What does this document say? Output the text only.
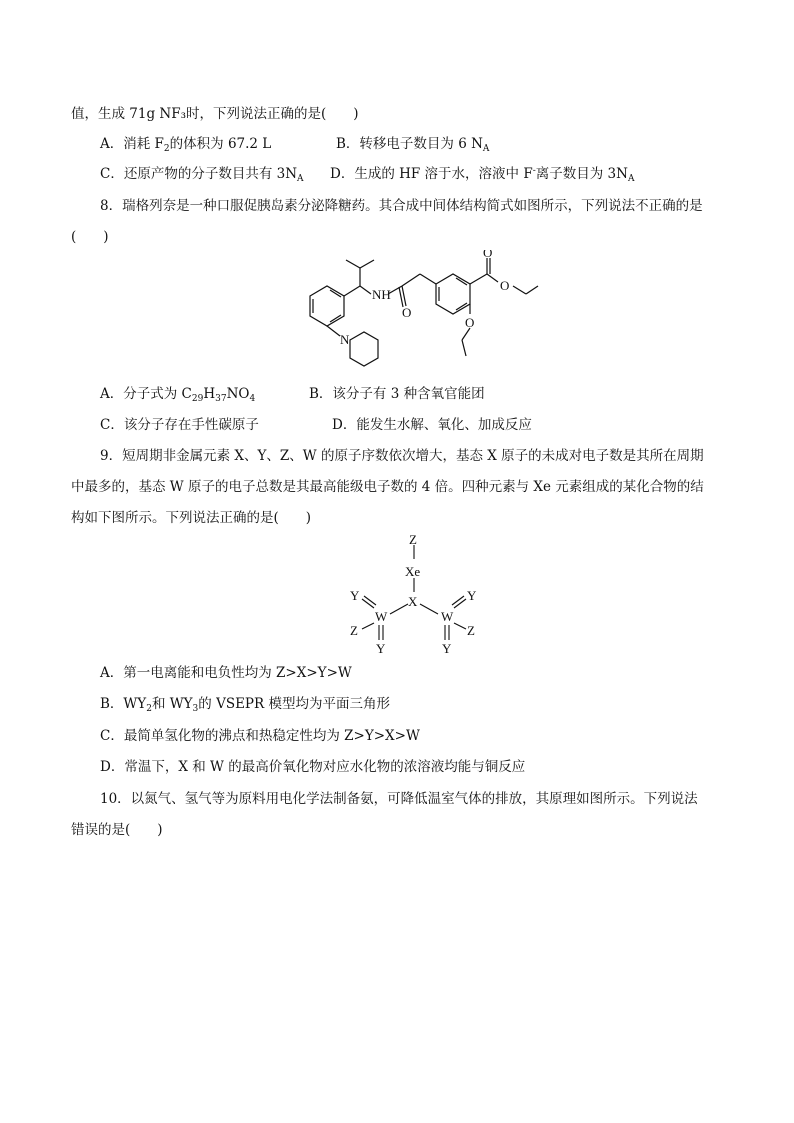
值，生成 71g NF₃时，下列说法正确的是(　　)
A．消耗 $F_2$的体积为 67.2 L	B．转移电子数目为 6 $N_A$
C．还原产物的分子数目共有 $3N_A$ D．生成的 HF 溶于水，溶液中 F-离子数目为 $3N_A$
8．瑞格列奈是一种口服促胰岛素分泌降糖药。其合成中间体结构简式如图所示，下列说法不正确的是
(　　)
NH
O
O
O
O
N
A．分子式为 $C_{29}H_{37}NO_4$	B．该分子有 3 种含氧官能团
C．该分子存在手性碳原子	D．能发生水解、氧化、加成反应
9．短周期非金属元素 X、Y、Z、W 的原子序数依次增大，基态 X 原子的未成对电子数是其所在周期
中最多的，基态 W 原子的电子总数是其最高能级电子数的 4 倍。四种元素与 Xe 元素组成的某化合物的结
构如下图所示。下列说法正确的是(　　)
Z
Xe
X
W	W
Y	Y
Z	Z
Y	Y
A．第一电离能和电负性均为 Z>X>Y>W
B．$WY_2$和 $WY_3$的 VSEPR 模型均为平面三角形
C．最简单氢化物的沸点和热稳定性均为 Z>Y>X>W
D．常温下，X 和 W 的最高价氧化物对应水化物的浓溶液均能与铜反应
10．以氮气、氢气等为原料用电化学法制备氨，可降低温室气体的排放，其原理如图所示。下列说法
错误的是(　　)
